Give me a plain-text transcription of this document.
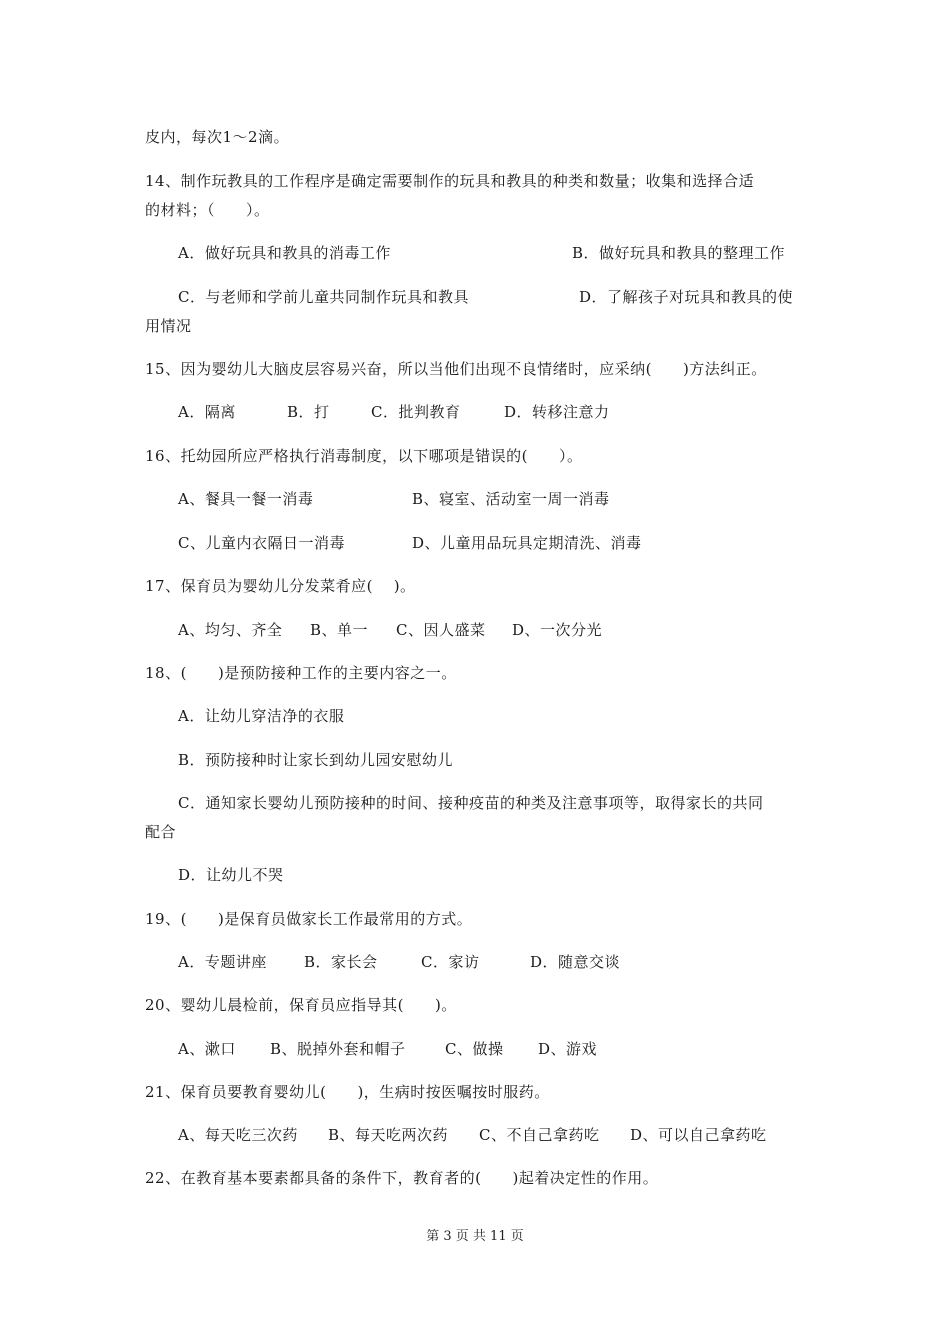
皮内，每次1～2滴。
14、制作玩教具的工作程序是确定需要制作的玩具和教具的种类和数量；收集和选择合适
的材料；（　　）。
A．做好玩具和教具的消毒工作	B．做好玩具和教具的整理工作
C．与老师和学前儿童共同制作玩具和教具	D．了解孩子对玩具和教具的使
用情况
15、因为婴幼儿大脑皮层容易兴奋，所以当他们出现不良情绪时，应采纳(　　)方法纠正。
A．隔离	B．打	C．批判教育	D．转移注意力
16、托幼园所应严格执行消毒制度，以下哪项是错误的(　　）。
A、餐具一餐一消毒	B、寝室、活动室一周一消毒
C、儿童内衣隔日一消毒	D、儿童用品玩具定期清洗、消毒
17、保育员为婴幼儿分发菜肴应(　 )。
A、均匀、齐全 B、单一 C、因人盛菜 D、一次分光
18、(　　)是预防接种工作的主要内容之一。
A．让幼儿穿洁净的衣服
B．预防接种时让家长到幼儿园安慰幼儿
C．通知家长婴幼儿预防接种的时间、接种疫苗的种类及注意事项等，取得家长的共同
配合
D．让幼儿不哭
19、(　　)是保育员做家长工作最常用的方式。
A．专题讲座 B．家长会	C．家访	D．随意交谈
20、婴幼儿晨检前，保育员应指导其(　　)。
A、漱口 B、脱掉外套和帽子	C、做操 D、游戏
21、保育员要教育婴幼儿(　　)，生病时按医嘱按时服药。
A、每天吃三次药 B、每天吃两次药 C、不自己拿药吃 D、可以自己拿药吃
22、在教育基本要素都具备的条件下，教育者的(　　)起着决定性的作用。
第 3 页 共 11 页
